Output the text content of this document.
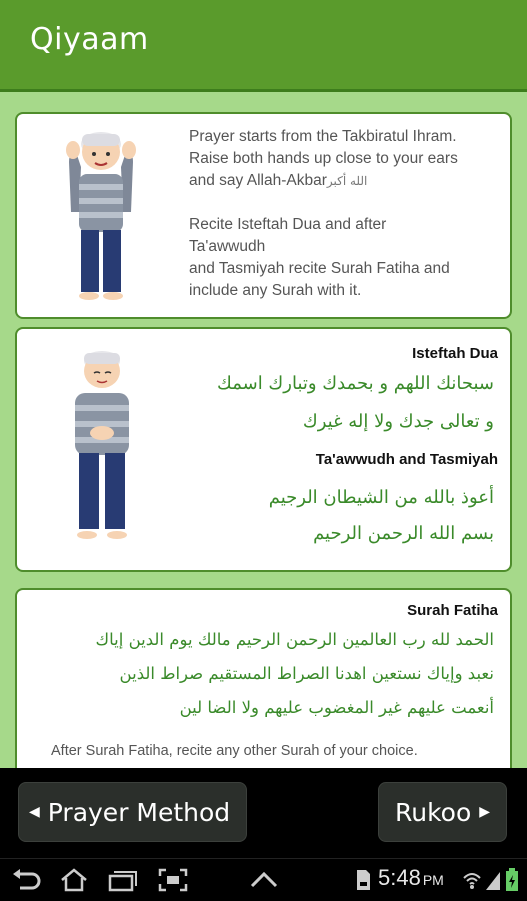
Qiyaam
Prayer starts from the Takbiratul Ihram.
Raise both hands up close to your ears
and say Allah-Akbarالله أكبر

Recite Isteftah Dua and after
Ta'awwudh
and Tasmiyah recite Surah Fatiha and
include any Surah with it.
Isteftah Dua
سبحانك اللهم و بحمدك وتبارك اسمك
و تعالى جدك ولا إله غيرك
Ta'awwudh and Tasmiyah
أعوذ بالله من الشيطان الرجيم
بسم الله الرحمن الرحيم
Surah Fatiha
الحمد لله رب العالمين الرحمن الرحيم مالك يوم الدين إياك
نعبد وإياك نستعين اهدنا الصراط المستقيم صراط الذين
أنعمت عليهم غير المغضوب عليهم ولا الضا لين
After Surah Fatiha, recite any other Surah of your choice.
◀ Prayer Method	Rukoo ▶
5:48 PM
